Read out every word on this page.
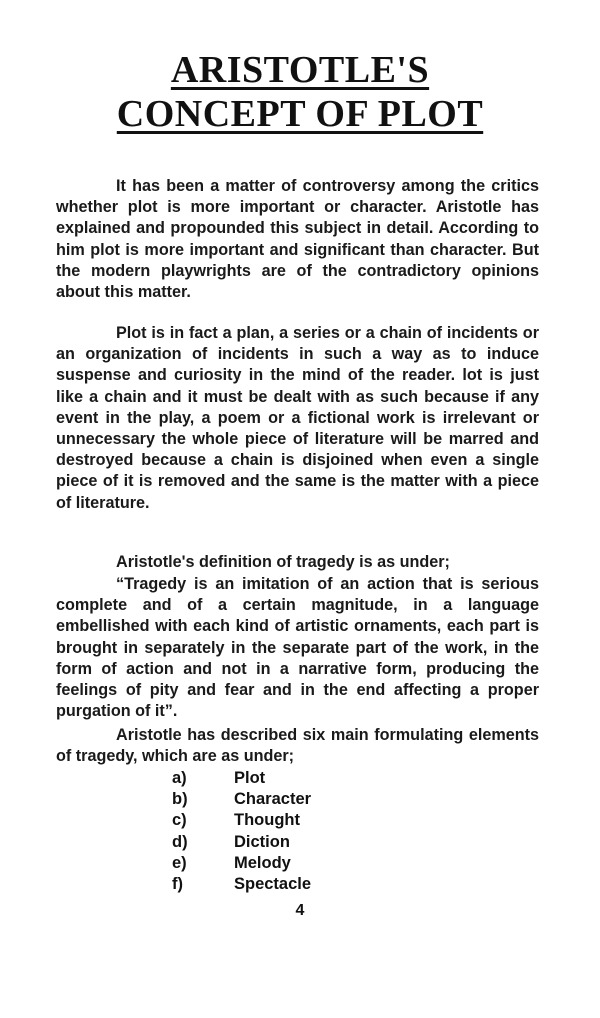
ARISTOTLE'S
CONCEPT OF PLOT

It has been a matter of controversy among the critics whether plot is more important or character. Aristotle has explained and propounded this subject in detail. According to him plot is more important and significant than character. But the modern playwrights are of the contradictory opinions about this matter.

Plot is in fact a plan, a series or a chain of incidents or an organization of incidents in such a way as to induce suspense and curiosity in the mind of the reader. lot is just like a chain and it must be dealt with as such because if any event in the play, a poem or a fictional work is irrelevant or unnecessary the whole piece of literature will be marred and destroyed because a chain is disjoined when even a single piece of it is removed and the same is the matter with a piece of literature.

Aristotle's definition of tragedy is as under;

“Tragedy is an imitation of an action that is serious complete and of a certain magnitude, in a language embellished with each kind of artistic ornaments, each part is brought in separately in the separate part of the work, in the form of action and not in a narrative form, producing the feelings of pity and fear and in the end affecting a proper purgation of it”.

Aristotle has described six main formulating elements of tragedy, which are as under;

a)	Plot
b)	Character
c)	Thought
d)	Diction
e)	Melody
f)	Spectacle
4
